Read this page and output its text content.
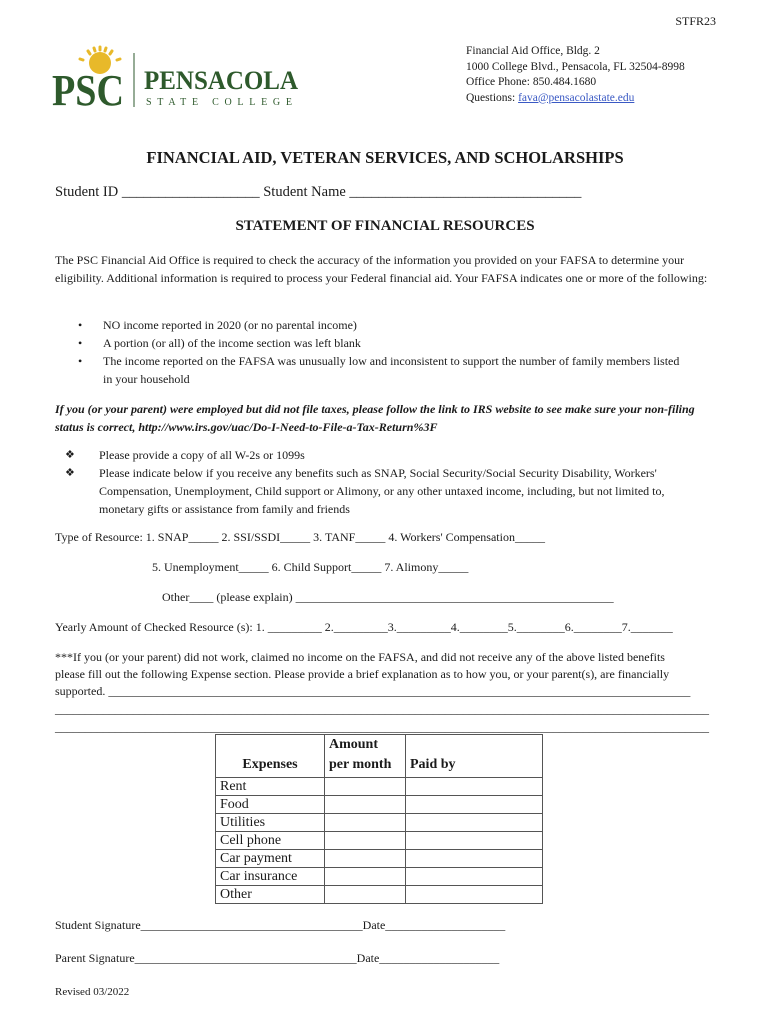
STFR23
PSC PENSACOLA
STATE COLLEGE
Financial Aid Office, Bldg. 2
1000 College Blvd., Pensacola, FL 32504-8998
Office Phone: 850.484.1680
Questions: fava@pensacolastate.edu
FINANCIAL AID, VETERAN SERVICES, AND SCHOLARSHIPS
Student ID ___________________ Student Name ________________________________
STATEMENT OF FINANCIAL RESOURCES
The PSC Financial Aid Office is required to check the accuracy of the information you provided on your FAFSA to determine your eligibility. Additional information is required to process your Federal financial aid. Your FAFSA indicates one or more of the following:
• NO income reported in 2020 (or no parental income)
• A portion (or all) of the income section was left blank
• The income reported on the FAFSA was unusually low and inconsistent to support the number of family members listed
in your household
If you (or your parent) were employed but did not file taxes, please follow the link to IRS website to see make sure your non-filing status is correct, http://www.irs.gov/uac/Do-I-Need-to-File-a-Tax-Return%3F
❖ Please provide a copy of all W-2s or 1099s
❖ Please indicate below if you receive any benefits such as SNAP, Social Security/Social Security Disability, Workers' Compensation, Unemployment, Child support or Alimony, or any other untaxed income, including, but not limited to, monetary gifts or assistance from family and friends
Type of Resource: 1. SNAP_____ 2. SSI/SSDI_____ 3. TANF_____ 4. Workers' Compensation_____
5. Unemployment_____ 6. Child Support_____ 7. Alimony_____
Other____ (please explain) _____________________________________________________
Yearly Amount of Checked Resource (s): 1. _________ 2._________3._________4.________5.________6.________7._______
***If you (or your parent) did not work, claimed no income on the FAFSA, and did not receive any of the above listed benefits
please fill out the following Expense section. Please provide a brief explanation as to how you, or your parent(s), are financially
supported. _________________________________________________________________________________________________
_____________________________________________________________________________________________________________
_____________________________________________________________________________________________________________
Expenses	Amount per month	Paid by
Rent		
Food		
Utilities		
Cell phone		
Car payment		
Car insurance		
Other		
Student Signature_____________________________________Date____________________
Parent Signature_____________________________________Date____________________
Revised 03/2022
